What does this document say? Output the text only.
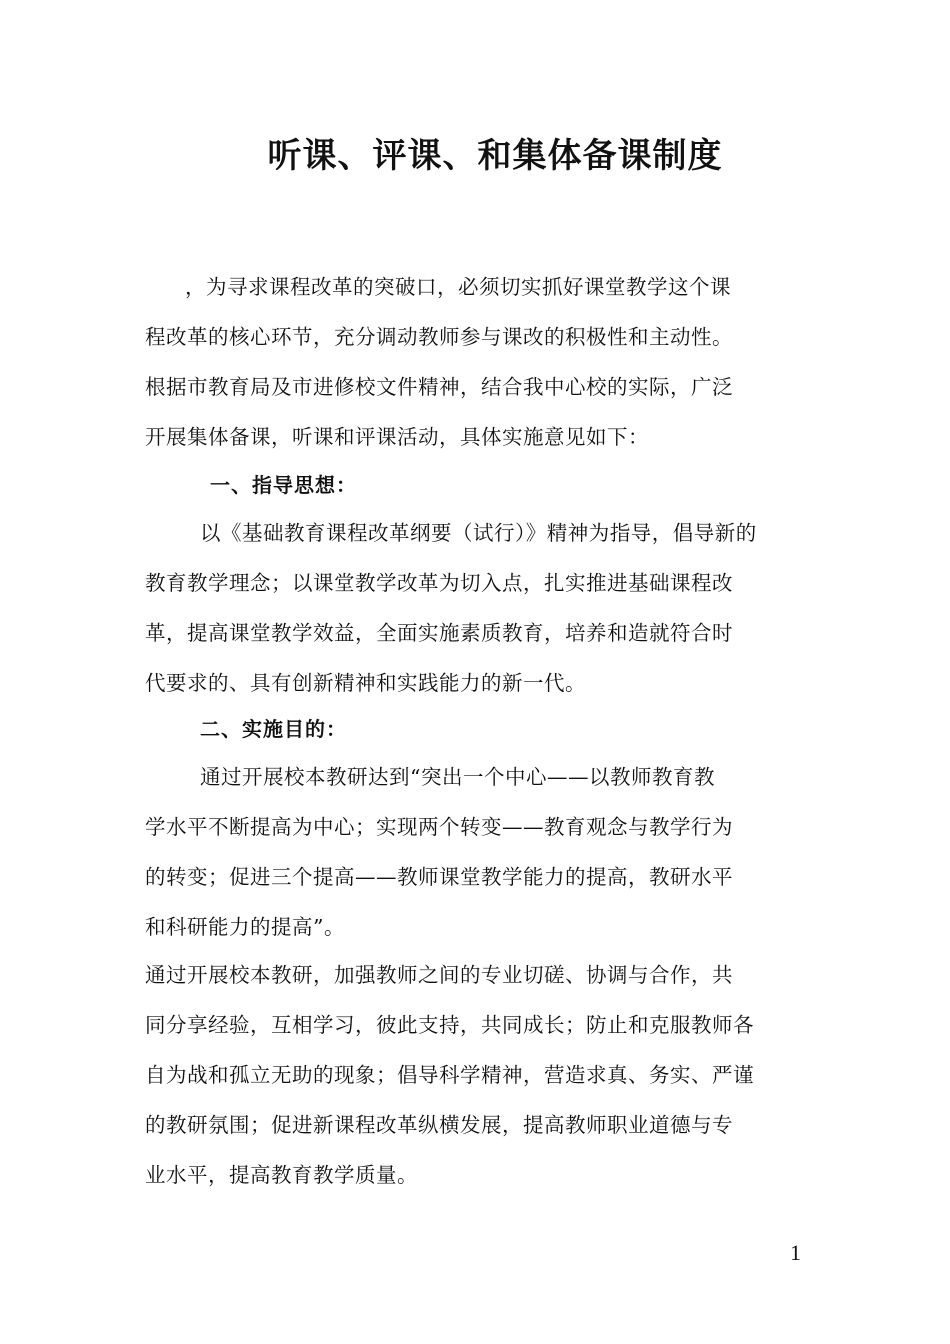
听课、评课、和集体备课制度
，为寻求课程改革的突破口，必须切实抓好课堂教学这个课
程改革的核心环节，充分调动教师参与课改的积极性和主动性。
根据市教育局及市进修校文件精神，结合我中心校的实际，广泛
开展集体备课，听课和评课活动，具体实施意见如下：
一、指导思想：
以《基础教育课程改革纲要（试行）》精神为指导，倡导新的
教育教学理念；以课堂教学改革为切入点，扎实推进基础课程改
革，提高课堂教学效益，全面实施素质教育，培养和造就符合时
代要求的、具有创新精神和实践能力的新一代。
二、实施目的：
通过开展校本教研达到“突出一个中心——以教师教育教
学水平不断提高为中心；实现两个转变——教育观念与教学行为
的转变；促进三个提高——教师课堂教学能力的提高，教研水平
和科研能力的提高”。
通过开展校本教研，加强教师之间的专业切磋、协调与合作，共
同分享经验，互相学习，彼此支持，共同成长；防止和克服教师各
自为战和孤立无助的现象；倡导科学精神，营造求真、务实、严谨
的教研氛围；促进新课程改革纵横发展，提高教师职业道德与专
业水平，提高教育教学质量。
1
